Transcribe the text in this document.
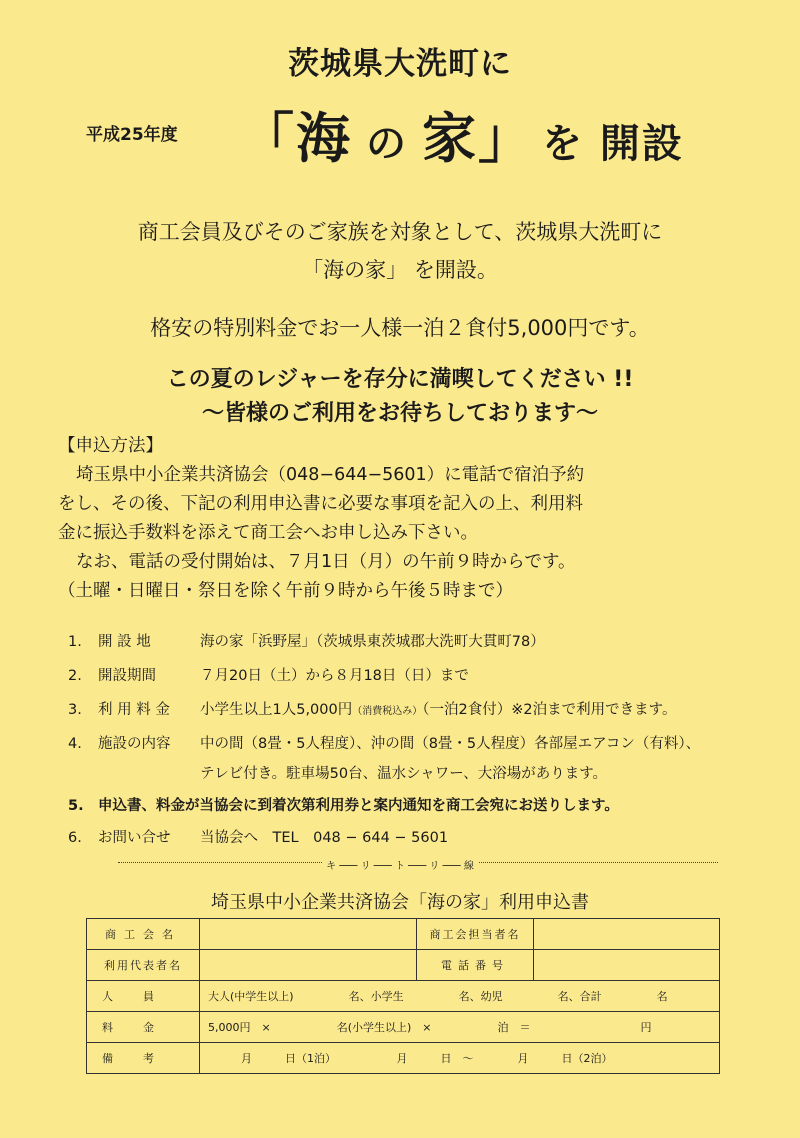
茨城県大洗町に
平成25年度 「海 の 家」 を 開設
商工会員及びそのご家族を対象として、茨城県大洗町に
「海の家」 を開設。
格安の特別料金でお一人様一泊２食付5,000円です。
この夏のレジャーを存分に満喫してください !!
〜皆様のご利用をお待ちしております〜
【申込方法】
埼玉県中小企業共済協会（048−644−5601）に電話で宿泊予約
をし、その後、下記の利用申込書に必要な事項を記入の上、利用料
金に振込手数料を添えて商工会へお申し込み下さい。
なお、電話の受付開始は、７月1日（月）の午前９時からです。
（土曜・日曜日・祭日を除く午前９時から午後５時まで）
1. 開 設 地	海の家「浜野屋」（茨城県東茨城郡大洗町大貫町78）
2. 開設期間	７月20日（土）から８月18日（日）まで
3. 利 用 料 金 小学生以上1人5,000円（消費税込み）（一泊2食付）※2泊まで利用できます。
4. 施設の内容 中の間（8畳・5人程度）、沖の間（8畳・5人程度）各部屋エアコン（有料）、
テレビ付き。駐車場50台、温水シャワー、大浴場があります。
5. 申込書、料金が当協会に到着次第利用券と案内通知を商工会宛にお送りします。
6. お問い合せ 当協会へ　TEL　048 − 644 − 5601
キ ─── リ ─── ト ─── リ ─── 線
埼玉県中小企業共済協会「海の家」利用申込書
商工会名		商工会担当者名	
利用代表者名		電話番号	
人員	大人(中学生以上)　　　　　名、小学生　　　　　名、幼児　　　　　名、合計　　　　　名		
料金	5,000円　×　　　　　　名(小学生以上)　×　　　　　　泊　＝　　　　　　　　　　円		
備考	　　　月　　　日（1泊）　　　　　　月　　　日　〜　　　　月　　　日（2泊）		
